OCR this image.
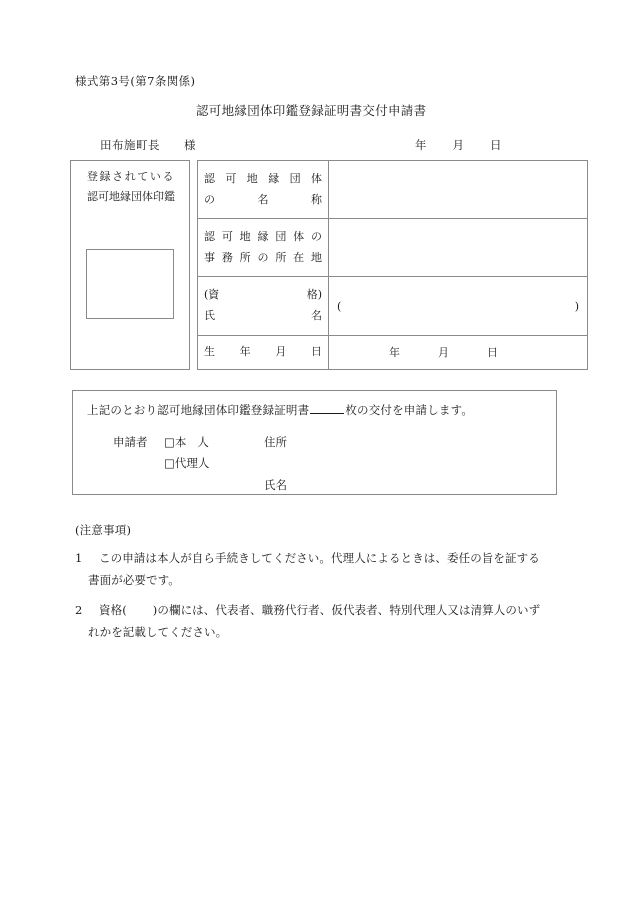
様式第3号(第7条関係)
認可地縁団体印鑑登録証明書交付申請書
田布施町長 様	年 月 日
登録されている
認可地縁団体印鑑
認可地縁団体
の 名 称	

認可地縁団体の
事務所の所在地	

(資 格)
氏 名	( )

生年月日	年 月 日
上記のとおり認可地縁団体印鑑登録証明書	枚の交付を申請します。
申請者 □本 人
□代理人
住所
氏名
(注意事項)
1 この申請は本人が自ら手続きしてください。代理人によるときは、委任の旨を証する
書面が必要です。
2 資格( )の欄には、代表者、職務代行者、仮代表者、特別代理人又は清算人のいず
れかを記載してください。
